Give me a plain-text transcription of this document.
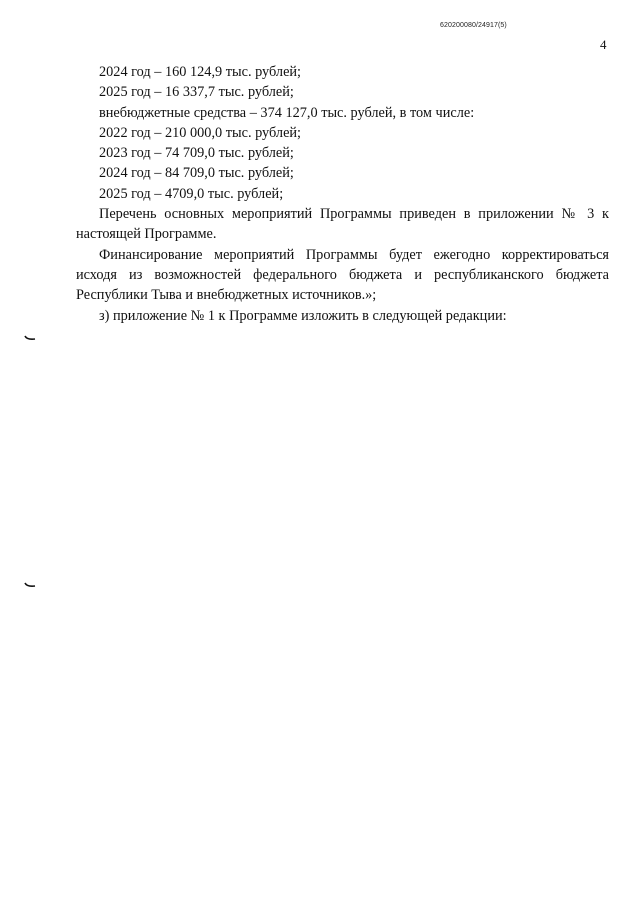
620200080/24917(5)
4
2024 год – 160 124,9 тыс. рублей;
2025 год – 16 337,7 тыс. рублей;
внебюджетные средства – 374 127,0 тыс. рублей, в том числе:
2022 год – 210 000,0 тыс. рублей;
2023 год – 74 709,0 тыс. рублей;
2024 год – 84 709,0 тыс. рублей;
2025 год – 4709,0 тыс. рублей;
Перечень основных мероприятий Программы приведен в приложении № 3 к настоящей Программе.
Финансирование мероприятий Программы будет ежегодно корректироваться исходя из возможностей федерального бюджета и республиканского бюджета Республики Тыва и внебюджетных источников.»;
з) приложение № 1 к Программе изложить в следующей редакции:
